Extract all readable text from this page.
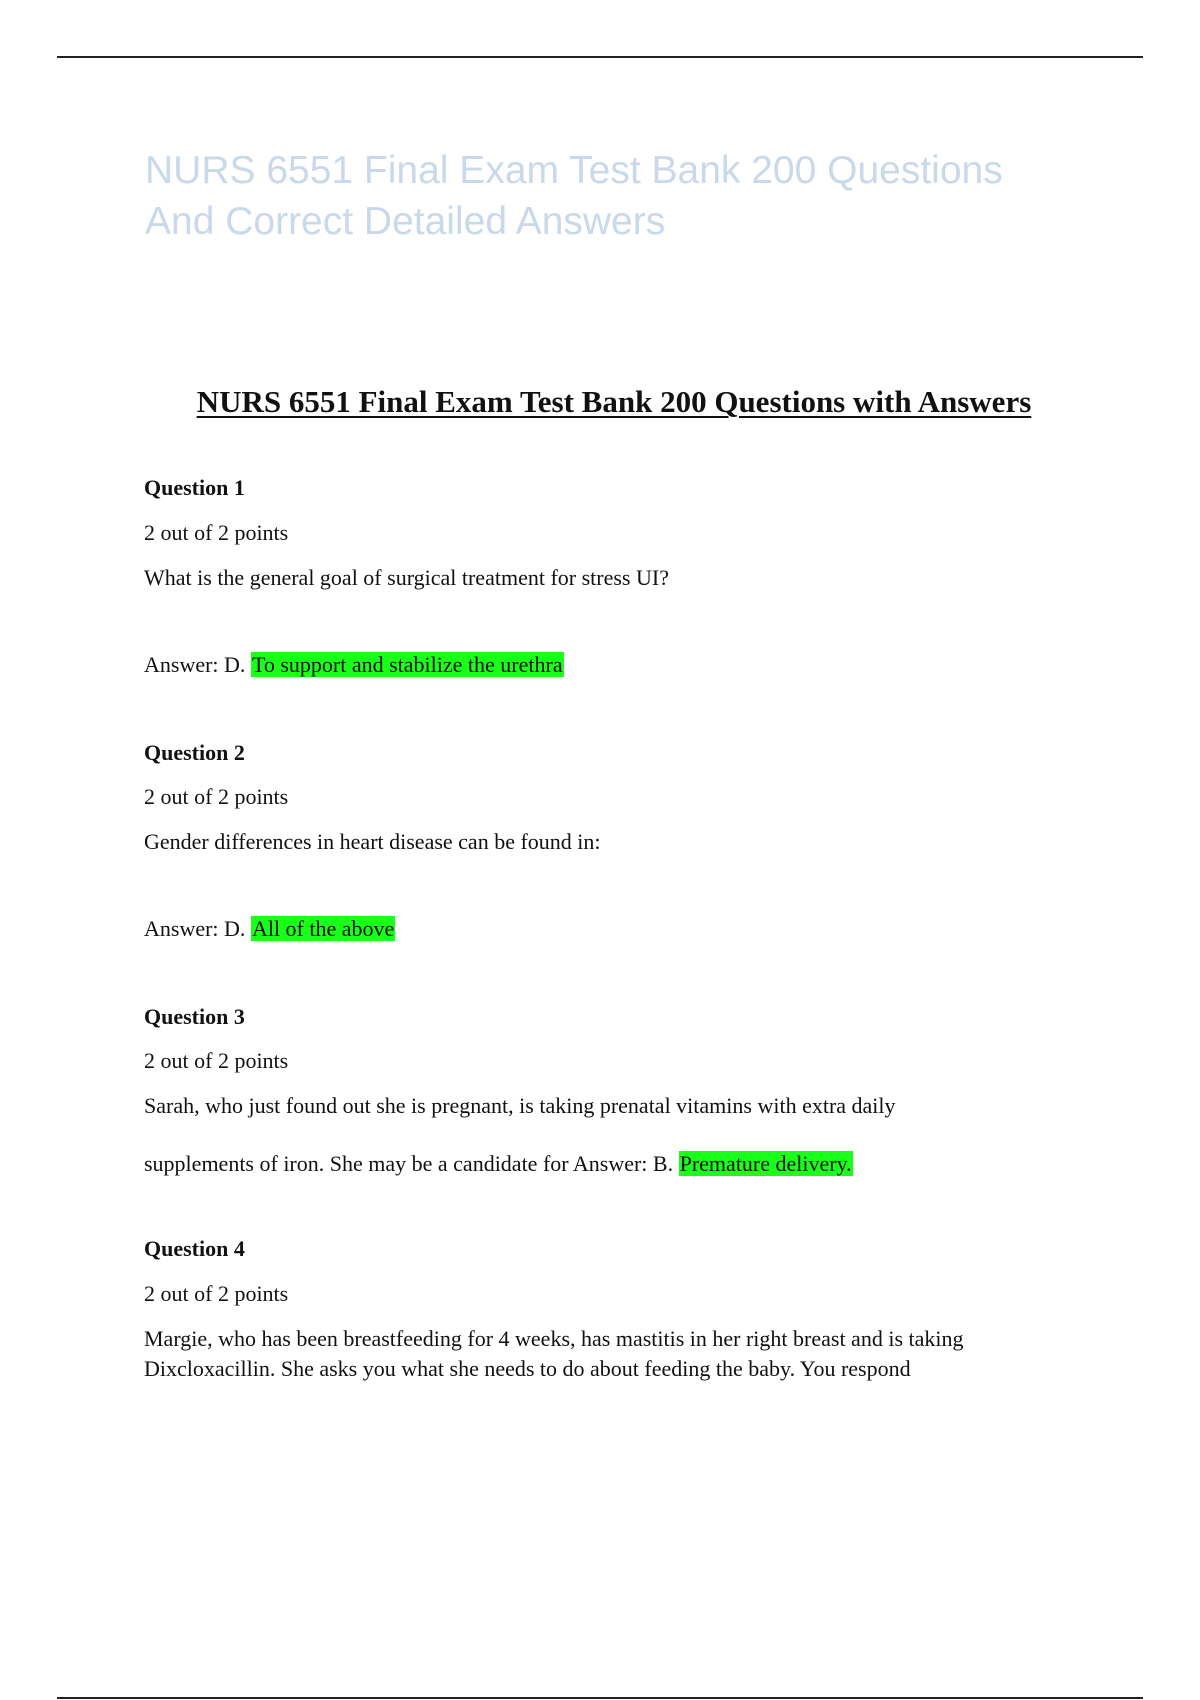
NURS 6551 Final Exam Test Bank 200 Questions
And Correct Detailed Answers
NURS 6551 Final Exam Test Bank 200 Questions with Answers

Question 1

2 out of 2 points

What is the general goal of surgical treatment for stress UI?

Answer: D. To support and stabilize the urethra

Question 2

2 out of 2 points

Gender differences in heart disease can be found in:

Answer: D. All of the above

Question 3

2 out of 2 points

Sarah, who just found out she is pregnant, is taking prenatal vitamins with extra daily

supplements of iron. She may be a candidate for Answer: B. Premature delivery.

Question 4

2 out of 2 points

Margie, who has been breastfeeding for 4 weeks, has mastitis in her right breast and is taking

Dixcloxacillin. She asks you what she needs to do about feeding the baby. You respond
